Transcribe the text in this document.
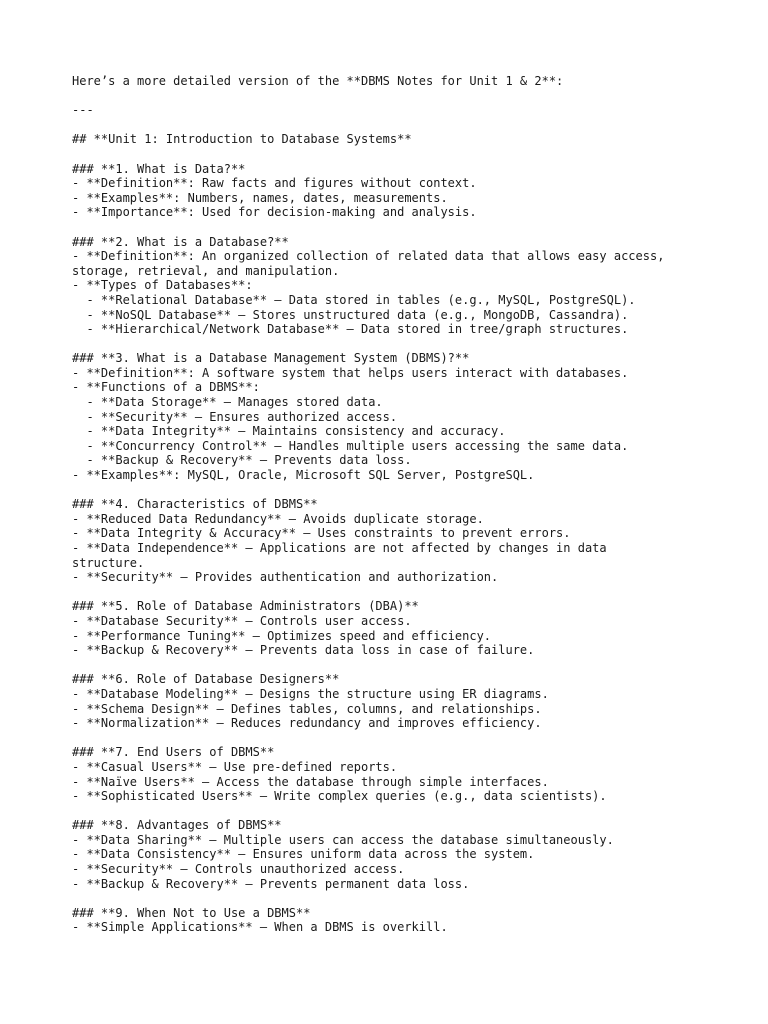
Here’s a more detailed version of the **DBMS Notes for Unit 1 & 2**:
---
## **Unit 1: Introduction to Database Systems**
### **1. What is Data?**
- **Definition**: Raw facts and figures without context.
- **Examples**: Numbers, names, dates, measurements.
- **Importance**: Used for decision-making and analysis.
### **2. What is a Database?**
- **Definition**: An organized collection of related data that allows easy access,
storage, retrieval, and manipulation.
- **Types of Databases**:
- **Relational Database** – Data stored in tables (e.g., MySQL, PostgreSQL).
- **NoSQL Database** – Stores unstructured data (e.g., MongoDB, Cassandra).
- **Hierarchical/Network Database** – Data stored in tree/graph structures.
### **3. What is a Database Management System (DBMS)?**
- **Definition**: A software system that helps users interact with databases.
- **Functions of a DBMS**:
- **Data Storage** – Manages stored data.
- **Security** – Ensures authorized access.
- **Data Integrity** – Maintains consistency and accuracy.
- **Concurrency Control** – Handles multiple users accessing the same data.
- **Backup & Recovery** – Prevents data loss.
- **Examples**: MySQL, Oracle, Microsoft SQL Server, PostgreSQL.
### **4. Characteristics of DBMS**
- **Reduced Data Redundancy** – Avoids duplicate storage.
- **Data Integrity & Accuracy** – Uses constraints to prevent errors.
- **Data Independence** – Applications are not affected by changes in data
structure.
- **Security** – Provides authentication and authorization.
### **5. Role of Database Administrators (DBA)**
- **Database Security** – Controls user access.
- **Performance Tuning** – Optimizes speed and efficiency.
- **Backup & Recovery** – Prevents data loss in case of failure.
### **6. Role of Database Designers**
- **Database Modeling** – Designs the structure using ER diagrams.
- **Schema Design** – Defines tables, columns, and relationships.
- **Normalization** – Reduces redundancy and improves efficiency.
### **7. End Users of DBMS**
- **Casual Users** – Use pre-defined reports.
- **Naïve Users** – Access the database through simple interfaces.
- **Sophisticated Users** – Write complex queries (e.g., data scientists).
### **8. Advantages of DBMS**
- **Data Sharing** – Multiple users can access the database simultaneously.
- **Data Consistency** – Ensures uniform data across the system.
- **Security** – Controls unauthorized access.
- **Backup & Recovery** – Prevents permanent data loss.
### **9. When Not to Use a DBMS**
- **Simple Applications** – When a DBMS is overkill.
